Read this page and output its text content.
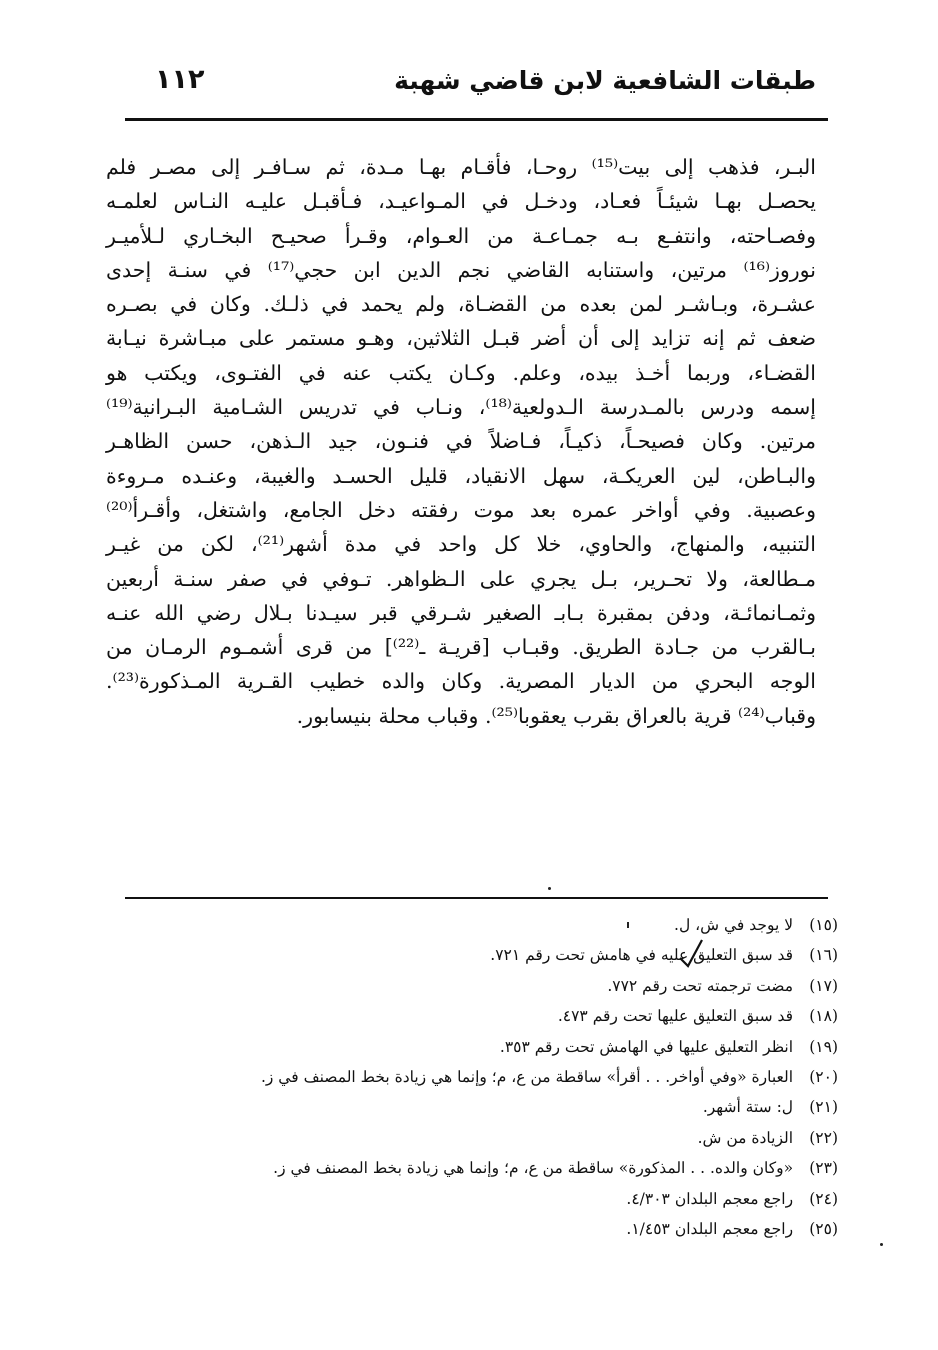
طبقات الشافعية لابن قاضي شهبة
١١٢
البـر، فذهب إلى بيت⁽¹⁵⁾ روحـا، فأقـام بهـا مـدة، ثم سـافـر إلى مصـر فلم
يحصـل بهـا شيئـاً فعـاد، ودخـل في المـواعيـد، فـأقبـل عليـه النـاس لعلمـه
وفصـاحته، وانتفـع بـه جمـاعـة من العـوام، وقـرأ صحيـح البخـاري لـلأميـر
نوروز⁽¹⁶⁾ مرتين، واستنابه القاضي نجم الدين ابن حجي⁽¹⁷⁾ في سنـة إحدى
عشـرة، وبـاشـر لمن بعده من القضـاة، ولم يحمد في ذلـك. وكان في بصـره
ضعف ثم إنه تزايد إلى أن أضر قبـل الثلاثين، وهـو مستمر على مبـاشرة نيـابة
القضـاء، وربما أخـذ بيده، وعلم. وكـان يكتب عنه في الفتـوى، ويكتب هو
إسمه ودرس بالمـدرسة الـدولعية⁽¹⁸⁾، ونـاب في تدريس الشـامية البـرانية⁽¹⁹⁾
مرتين. وكان فصيحـاً، ذكيـاً، فـاضلاً في فنـون، جيد الـذهن، حسن الظاهـر
والبـاطن، لين العريكـة، سهل الانقياد، قليل الحسـد والغيبة، وعنـده مـروءة
وعصبية. وفي أواخر عمره بعد موت رفقته دخل الجامع، واشتغل، وأقـرأ⁽²⁰⁾
التنبيه، والمنهاج، والحاوي، خلا كل واحد في مدة أشهر⁽²¹⁾، لكن من غيـر
مـطالعة، ولا تحـرير، بـل يجري على الـظواهر. تـوفي في صفر سنـة أربعين
وثمـانمائـة، ودفن بمقبرة بـابـ الصغير شـرقي قبر سيـدنا بـلال رضي الله عنـه
بـالقرب من جـادة الطريق. وقبـاب [قريـة ـ⁽²²⁾] من قرى أشمـوم الرمـان من
الوجه البحري من الديار المصرية. وكان والده خطيب القـرية المـذكورة⁽²³⁾.
وقباب⁽²⁴⁾ قرية بالعراق بقرب يعقوبا⁽²⁵⁾. وقباب محلة بنيسابور.
(١٥) لا يوجد في ش، ل.
(١٦) قد سبق التعليق عليه في هامش تحت رقم ٧٢١.
(١٧) مضت ترجمته تحت رقم ٧٧٢.
(١٨) قد سبق التعليق عليها تحت رقم ٤٧٣.
(١٩) انظر التعليق عليها في الهامش تحت رقم ٣٥٣.
(٢٠) العبارة «وفي أواخر. . . أقرأ» ساقطة من ع، م؛ وإنما هي زيادة بخط المصنف في ز.
(٢١) ل: ستة أشهر.
(٢٢) الزيادة من ش.
(٢٣) «وكان والده. . . المذكورة» ساقطة من ع، م؛ وإنما هي زيادة بخط المصنف في ز.
(٢٤) راجع معجم البلدان ٤/٣٠٣.
(٢٥) راجع معجم البلدان ١/٤٥٣.
